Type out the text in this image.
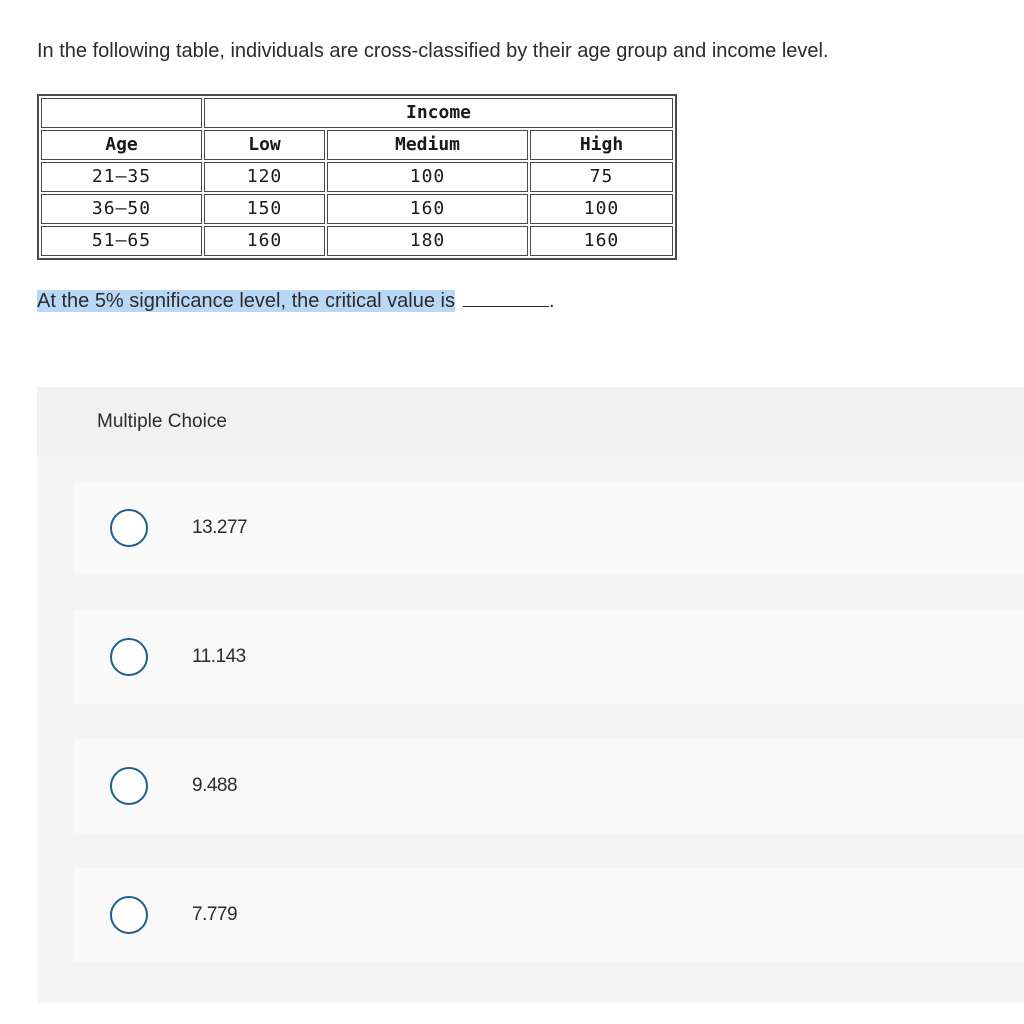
In the following table, individuals are cross-classified by their age group and income level.

	Income		
Age	Low	Medium	High
21–35	120	100	75
36–50	150	160	100
51–65	160	180	160
At the 5% significance level, the critical value is	.
Multiple Choice
13.277
11.143
9.488
7.779
